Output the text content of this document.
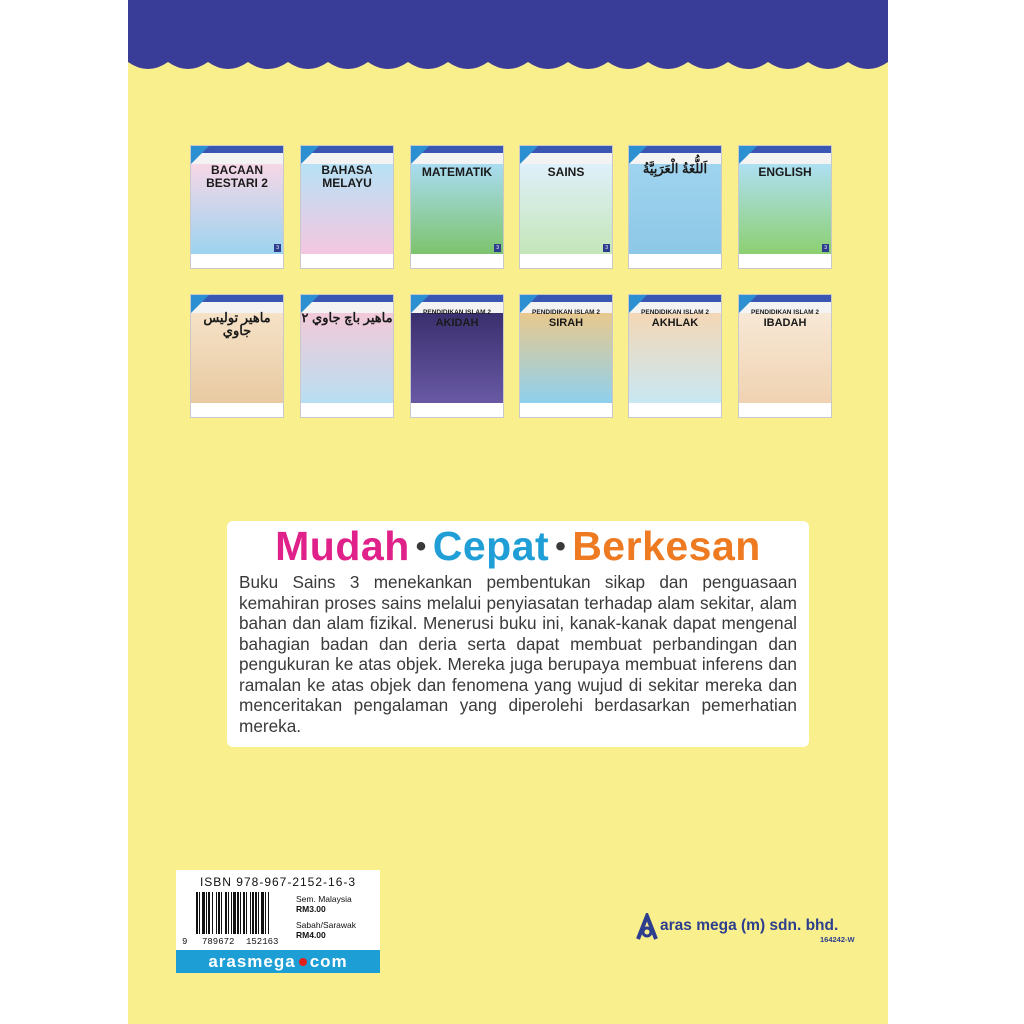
BACAAN BESTARI 2
3
BAHASA MELAYU
MATEMATIK
3
SAINS
3
اَللُّغَةُ الْعَرَبِيَّةُ	ENGLISH
3
ماهير توليس جاوي
ماهير باچ جاوي ٢	PENDIDIKAN ISLAM 2
AKIDAH
PENDIDIKAN ISLAM 2
SIRAH
PENDIDIKAN ISLAM 2
AKHLAK
PENDIDIKAN ISLAM 2
IBADAH
Mudah • Cepat • Berkesan
Buku Sains 3 menekankan pembentukan sikap dan penguasaan kemahiran proses sains melalui penyiasatan terhadap alam sekitar, alam bahan dan alam fizikal. Menerusi buku ini, kanak-kanak dapat mengenal bahagian badan dan deria serta dapat membuat perbandingan dan pengukuran ke atas objek. Mereka juga berupaya membuat inferens dan ramalan ke atas objek dan fenomena yang wujud di sekitar mereka dan menceritakan pengalaman yang diperolehi berdasarkan pemerhatian mereka.
ISBN 978-967-2152-16-3
9 789672 152163
Sem. Malaysia
RM3.00
Sabah/Sarawak
RM4.00
arasmega com
aras mega (m) sdn. bhd.
164242-W
